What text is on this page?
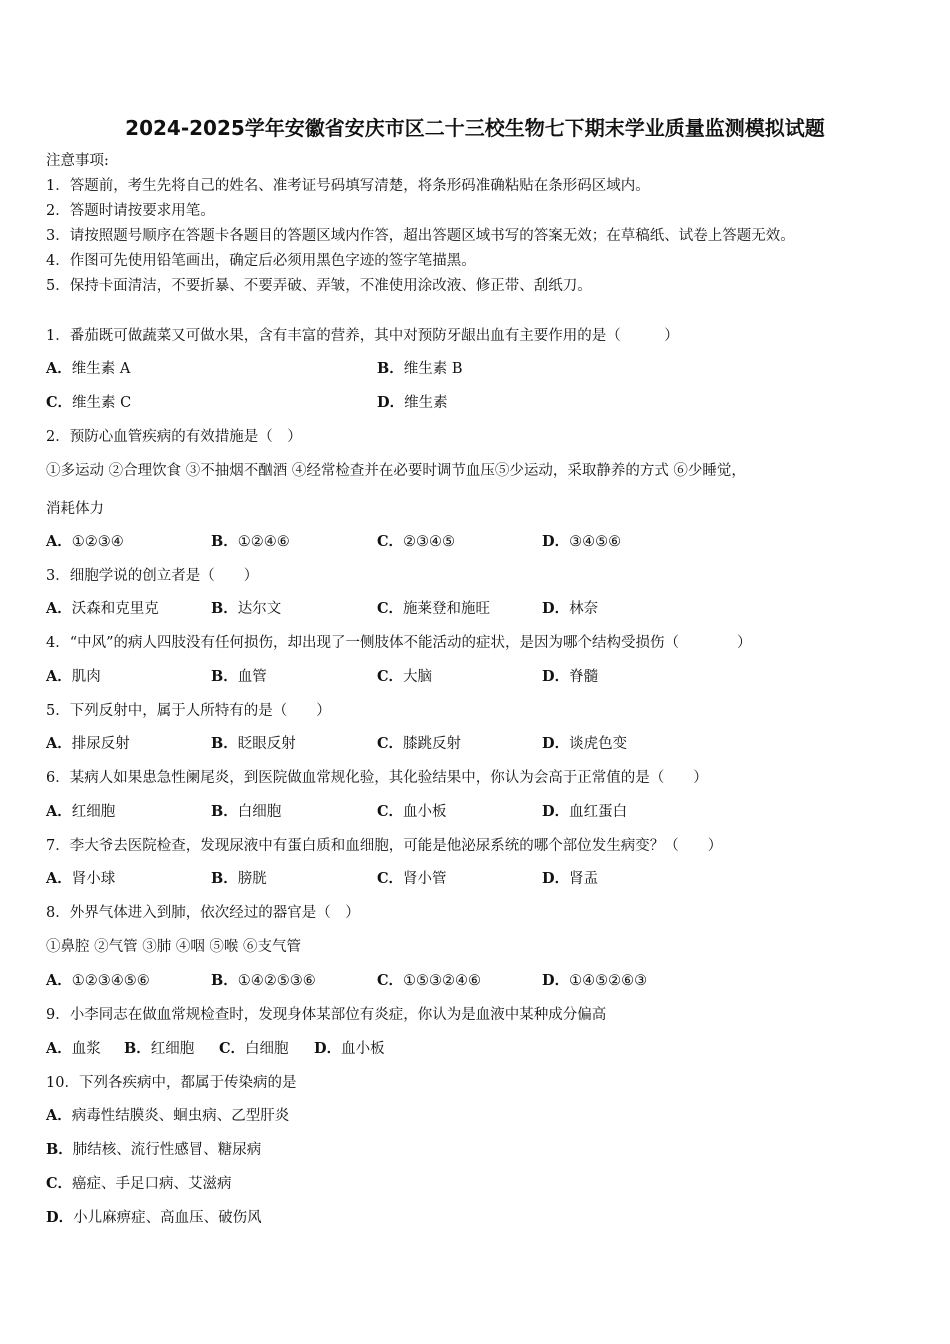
2024-2025学年安徽省安庆市区二十三校生物七下期末学业质量监测模拟试题
注意事项:
1．答题前，考生先将自己的姓名、准考证号码填写清楚，将条形码准确粘贴在条形码区域内。
2．答题时请按要求用笔。
3．请按照题号顺序在答题卡各题目的答题区域内作答，超出答题区域书写的答案无效；在草稿纸、试卷上答题无效。
4．作图可先使用铅笔画出，确定后必须用黑色字迹的签字笔描黑。
5．保持卡面清洁，不要折暴、不要弄破、弄皱，不准使用涂改液、修正带、刮纸刀。
1．番茄既可做蔬菜又可做水果，含有丰富的营养，其中对预防牙龈出血有主要作用的是（　　　）
A．维生素 A	B．维生素 B
C．维生素 C	D．维生素
2．预防心血管疾病的有效措施是（　）
①多运动 ②合理饮食 ③不抽烟不酗酒 ④经常检查并在必要时调节血压⑤少运动，采取静养的方式 ⑥少睡觉，
消耗体力
A．①②③④	B．①②④⑥	C．②③④⑤	D．③④⑤⑥
3．细胞学说的创立者是（　　）
A．沃森和克里克	B．达尔文	C．施莱登和施旺	D．林奈
4．“中风”的病人四肢没有任何损伤，却出现了一侧肢体不能活动的症状，是因为哪个结构受损伤（　　　　）
A．肌肉	B．血管	C．大脑	D．脊髓
5．下列反射中，属于人所特有的是（　　）
A．排尿反射	B．眨眼反射	C．膝跳反射	D．谈虎色变
6．某病人如果患急性阑尾炎，到医院做血常规化验，其化验结果中，你认为会高于正常值的是（　　）
A．红细胞	B．白细胞	C．血小板	D．血红蛋白
7．李大爷去医院检查，发现尿液中有蛋白质和血细胞，可能是他泌尿系统的哪个部位发生病变？（　　）
A．肾小球	B．膀胱	C．肾小管	D．肾盂
8．外界气体进入到肺，依次经过的器官是（　）
①鼻腔 ②气管 ③肺 ④咽 ⑤喉 ⑥支气管
A．①②③④⑤⑥	B．①④②⑤③⑥	C．①⑤③②④⑥	D．①④⑤②⑥③
9．小李同志在做血常规检查时，发现身体某部位有炎症，你认为是血液中某种成分偏高
A．血浆 B．红细胞 C．白细胞 D．血小板
10．下列各疾病中，都属于传染病的是
A．病毒性结膜炎、蛔虫病、乙型肝炎
B．肺结核、流行性感冒、糖尿病
C．癌症、手足口病、艾滋病
D．小儿麻痹症、高血压、破伤风
